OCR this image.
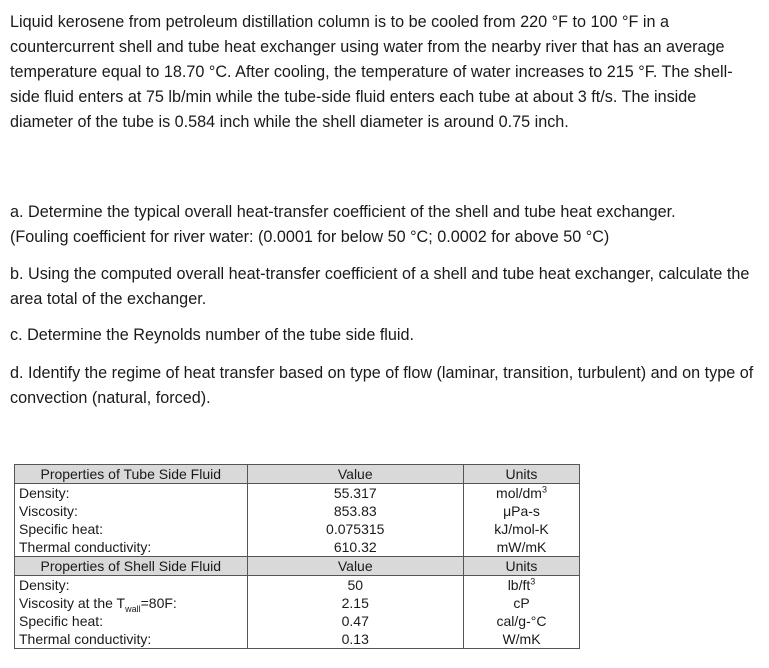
Liquid kerosene from petroleum distillation column is to be cooled from 220 °F to 100 °F in a countercurrent shell and tube heat exchanger using water from the nearby river that has an average temperature equal to 18.70 °C. After cooling, the temperature of water increases to 215 °F. The shell-side fluid enters at 75 lb/min while the tube-side fluid enters each tube at about 3 ft/s. The inside diameter of the tube is 0.584 inch while the shell diameter is around 0.75 inch.

a. Determine the typical overall heat-transfer coefficient of the shell and tube heat exchanger.

(Fouling coefficient for river water: (0.0001 for below 50 °C; 0.0002 for above 50 °C)

b. Using the computed overall heat-transfer coefficient of a shell and tube heat exchanger, calculate the area total of the exchanger.

c. Determine the Reynolds number of the tube side fluid.

d. Identify the regime of heat transfer based on type of flow (laminar, transition, turbulent) and on type of convection (natural, forced).

Properties of Tube Side Fluid	Value	Units
Density:	55.317	mol/$dm^3$
Viscosity:	853.83	μPa-s
Specific heat:	0.075315	kJ/mol-K
Thermal conductivity:	610.32	mW/mK
Properties of Shell Side Fluid	Value	Units
Density:	50	$lb/ft^3$
Viscosity at the $T_{wall}=80F$:	2.15	cP
Specific heat:	0.47	cal/g-°C
Thermal conductivity:	0.13	W/mK
